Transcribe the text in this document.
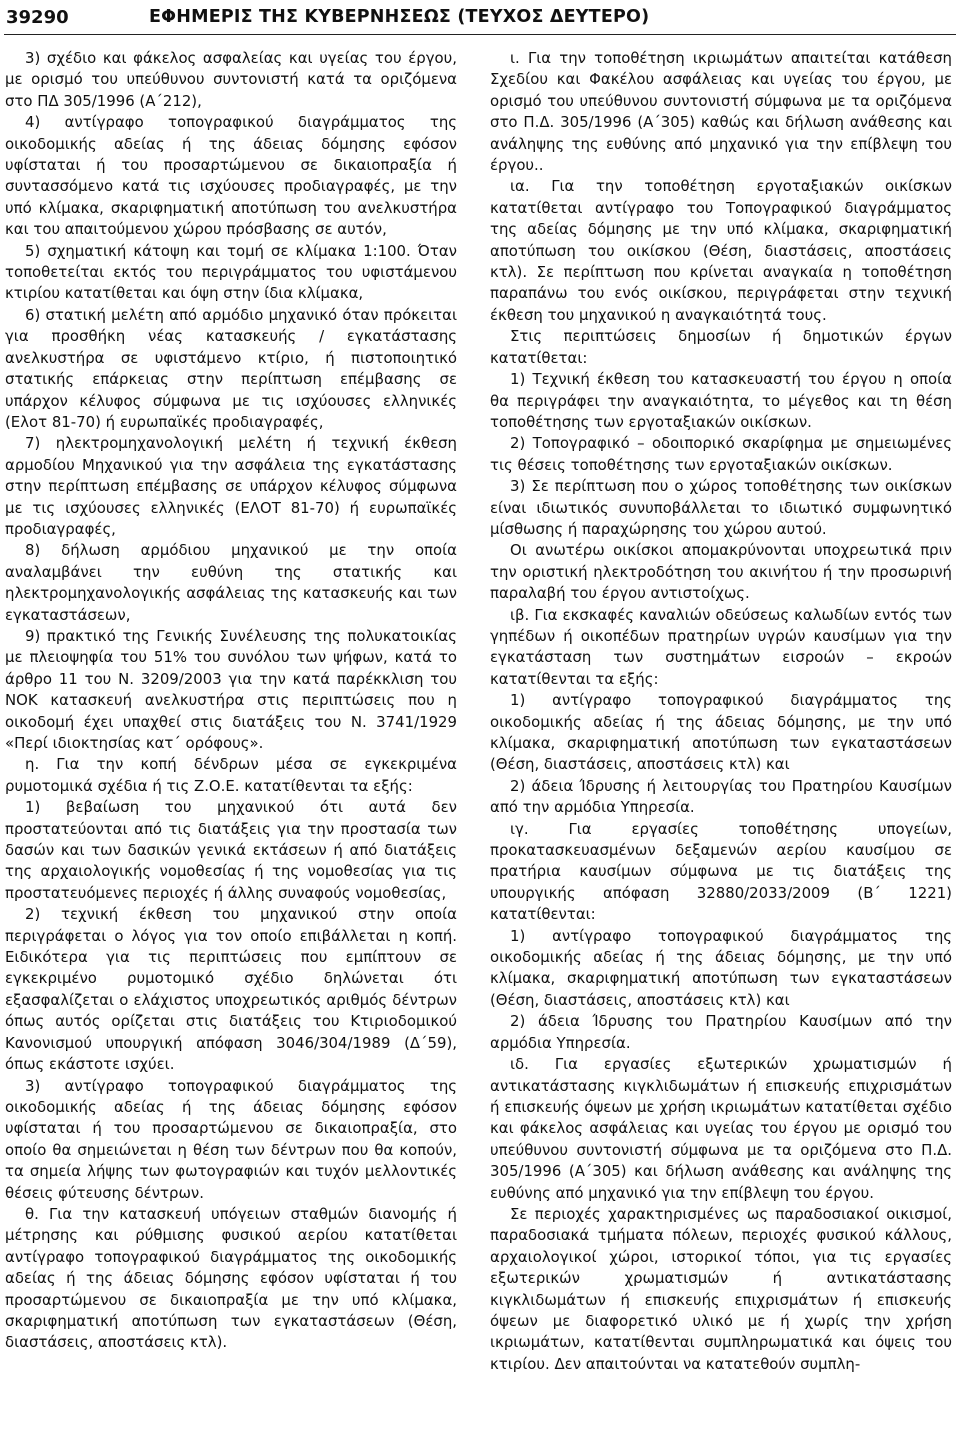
39290	ΕΦΗΜΕΡΙΣ ΤΗΣ ΚΥΒΕΡΝΗΣΕΩΣ (ΤΕΥΧΟΣ ΔΕΥΤΕΡΟ)

3) σχέδιο και φάκελος ασφαλείας και υγείας του έργου, με ορισμό του υπεύθυνου συντονιστή κατά τα οριζόμενα στο ΠΔ 305/1996 (Α΄212),

4) αντίγραφο τοπογραφικού διαγράμματος της οικοδομικής αδείας ή της άδειας δόμησης εφόσον υφίσταται ή του προσαρτώμενου σε δικαιοπραξία ή συντασσόμενο κατά τις ισχύουσες προδιαγραφές, με την υπό κλίμακα, σκαριφηματική αποτύπωση του ανελκυστήρα και του απαιτούμενου χώρου πρόσβασης σε αυτόν,

5) σχηματική κάτοψη και τομή σε κλίμακα 1:100. Όταν τοποθετείται εκτός του περιγράμματος του υφιστάμενου κτιρίου κατατίθεται και όψη στην ίδια κλίμακα,

6) στατική μελέτη από αρμόδιο μηχανικό όταν πρόκειται για προσθήκη νέας κατασκευής / εγκατάστασης ανελκυστήρα σε υφιστάμενο κτίριο, ή πιστοποιητικό στατικής επάρκειας στην περίπτωση επέμβασης σε υπάρχον κέλυφος σύμφωνα με τις ισχύουσες ελληνικές (Ελοτ 81-70) ή ευρωπαϊκές προδιαγραφές,

7) ηλεκτρομηχανολογική μελέτη ή τεχνική έκθεση αρμοδίου Μηχανικού για την ασφάλεια της εγκατάστασης στην περίπτωση επέμβασης σε υπάρχον κέλυφος σύμφωνα με τις ισχύουσες ελληνικές (ΕΛΟΤ 81-70) ή ευρωπαϊκές προδιαγραφές,

8) δήλωση αρμόδιου μηχανικού με την οποία αναλαμβάνει την ευθύνη της στατικής και ηλεκτρομηχανολογικής ασφάλειας της κατασκευής και των εγκαταστάσεων,

9) πρακτικό της Γενικής Συνέλευσης της πολυκατοικίας με πλειοψηφία του 51% του συνόλου των ψήφων, κατά το άρθρο 11 του Ν. 3209/2003 για την κατά παρέκκλιση του ΝΟΚ κατασκευή ανελκυστήρα στις περιπτώσεις που η οικοδομή έχει υπαχθεί στις διατάξεις του Ν. 3741/1929 «Περί ιδιοκτησίας κατ΄ ορόφους».

η. Για την κοπή δένδρων μέσα σε εγκεκριμένα ρυμοτομικά σχέδια ή τις Ζ.Ο.Ε. κατατίθενται τα εξής:

1) βεβαίωση του μηχανικού ότι αυτά δεν προστατεύονται από τις διατάξεις για την προστασία των δασών και των δασικών γενικά εκτάσεων ή από διατάξεις της αρχαιολογικής νομοθεσίας ή της νομοθεσίας για τις προστατευόμενες περιοχές ή άλλης συναφούς νομοθεσίας,

2) τεχνική έκθεση του μηχανικού στην οποία περιγράφεται ο λόγος για τον οποίο επιβάλλεται η κοπή. Ειδικότερα για τις περιπτώσεις που εμπίπτουν σε εγκεκριμένο ρυμοτομικό σχέδιο δηλώνεται ότι εξασφαλίζεται ο ελάχιστος υποχρεωτικός αριθμός δέντρων όπως αυτός ορίζεται στις διατάξεις του Κτιριοδομικού Κανονισμού υπουργική απόφαση 3046/304/1989 (Δ΄59), όπως εκάστοτε ισχύει.

3) αντίγραφο τοπογραφικού διαγράμματος της οικοδομικής αδείας ή της άδειας δόμησης εφόσον υφίσταται ή του προσαρτώμενου σε δικαιοπραξία, στο οποίο θα σημειώνεται η θέση των δέντρων που θα κοπούν, τα σημεία λήψης των φωτογραφιών και τυχόν μελλοντικές θέσεις φύτευσης δέντρων.

θ. Για την κατασκευή υπόγειων σταθμών διανομής ή μέτρησης και ρύθμισης φυσικού αερίου κατατίθεται αντίγραφο τοπογραφικού διαγράμματος της οικοδομικής αδείας ή της άδειας δόμησης εφόσον υφίσταται ή του προσαρτώμενου σε δικαιοπραξία με την υπό κλίμακα, σκαριφηματική αποτύπωση των εγκαταστάσεων (Θέση, διαστάσεις, αποστάσεις κτλ).

ι. Για την τοποθέτηση ικριωμάτων απαιτείται κατάθεση Σχεδίου και Φακέλου ασφάλειας και υγείας του έργου, με ορισμό του υπεύθυνου συντονιστή σύμφωνα με τα οριζόμενα στο Π.Δ. 305/1996 (Α΄305) καθώς και δήλωση ανάθεσης και ανάληψης της ευθύνης από μηχανικό για την επίβλεψη του έργου..

ια. Για την τοποθέτηση εργοταξιακών οικίσκων κατατίθεται αντίγραφο του Τοπογραφικού διαγράμματος της αδείας δόμησης με την υπό κλίμακα, σκαριφηματική αποτύπωση του οικίσκου (Θέση, διαστάσεις, αποστάσεις κτλ). Σε περίπτωση που κρίνεται αναγκαία η τοποθέτηση παραπάνω του ενός οικίσκου, περιγράφεται στην τεχνική έκθεση του μηχανικού η αναγκαιότητά τους.

Στις περιπτώσεις δημοσίων ή δημοτικών έργων κατατίθεται:

1) Τεχνική έκθεση του κατασκευαστή του έργου η οποία θα περιγράφει την αναγκαιότητα, το μέγεθος και τη θέση τοποθέτησης των εργοταξιακών οικίσκων.

2) Τοπογραφικό – οδοιπορικό σκαρίφημα με σημειωμένες τις θέσεις τοποθέτησης των εργοταξιακών οικίσκων.

3) Σε περίπτωση που ο χώρος τοποθέτησης των οικίσκων είναι ιδιωτικός συνυποβάλλεται το ιδιωτικό συμφωνητικό μίσθωσης ή παραχώρησης του χώρου αυτού.

Οι ανωτέρω οικίσκοι απομακρύνονται υποχρεωτικά πριν την οριστική ηλεκτροδότηση του ακινήτου ή την προσωρινή παραλαβή του έργου αντιστοίχως.

ιβ. Για εκσκαφές καναλιών οδεύσεως καλωδίων εντός των γηπέδων ή οικοπέδων πρατηρίων υγρών καυσίμων για την εγκατάσταση των συστημάτων εισροών – εκροών κατατίθενται τα εξής:

1) αντίγραφο τοπογραφικού διαγράμματος της οικοδομικής αδείας ή της άδειας δόμησης, με την υπό κλίμακα, σκαριφηματική αποτύπωση των εγκαταστάσεων (Θέση, διαστάσεις, αποστάσεις κτλ) και

2) άδεια Ίδρυσης ή λειτουργίας του Πρατηρίου Καυσίμων από την αρμόδια Υπηρεσία.

ιγ. Για εργασίες τοποθέτησης υπογείων, προκατασκευασμένων δεξαμενών αερίου καυσίμου σε πρατήρια καυσίμων σύμφωνα με τις διατάξεις της υπουργικής απόφαση 32880/2033/2009 (Β΄ 1221) κατατίθενται:

1) αντίγραφο τοπογραφικού διαγράμματος της οικοδομικής αδείας ή της άδειας δόμησης, με την υπό κλίμακα, σκαριφηματική αποτύπωση των εγκαταστάσεων (Θέση, διαστάσεις, αποστάσεις κτλ) και

2) άδεια Ίδρυσης του Πρατηρίου Καυσίμων από την αρμόδια Υπηρεσία.

ιδ. Για εργασίες εξωτερικών χρωματισμών ή αντικατάστασης κιγκλιδωμάτων ή επισκευής επιχρισμάτων ή επισκευής όψεων με χρήση ικριωμάτων κατατίθεται σχέδιο και φάκελος ασφάλειας και υγείας του έργου με ορισμό του υπεύθυνου συντονιστή σύμφωνα με τα οριζόμενα στο Π.Δ. 305/1996 (Α΄305) και δήλωση ανάθεσης και ανάληψης της ευθύνης από μηχανικό για την επίβλεψη του έργου.

Σε περιοχές χαρακτηρισμένες ως παραδοσιακοί οικισμοί, παραδοσιακά τμήματα πόλεων, περιοχές φυσικού κάλλους, αρχαιολογικοί χώροι, ιστορικοί τόποι, για τις εργασίες εξωτερικών χρωματισμών ή αντικατάστασης κιγκλιδωμάτων ή επισκευής επιχρισμάτων ή επισκευής όψεων με διαφορετικό υλικό με ή χωρίς την χρήση ικριωμάτων, κατατίθενται συμπληρωματικά και όψεις του κτιρίου. Δεν απαιτούνται να κατατεθούν συμπλη-
